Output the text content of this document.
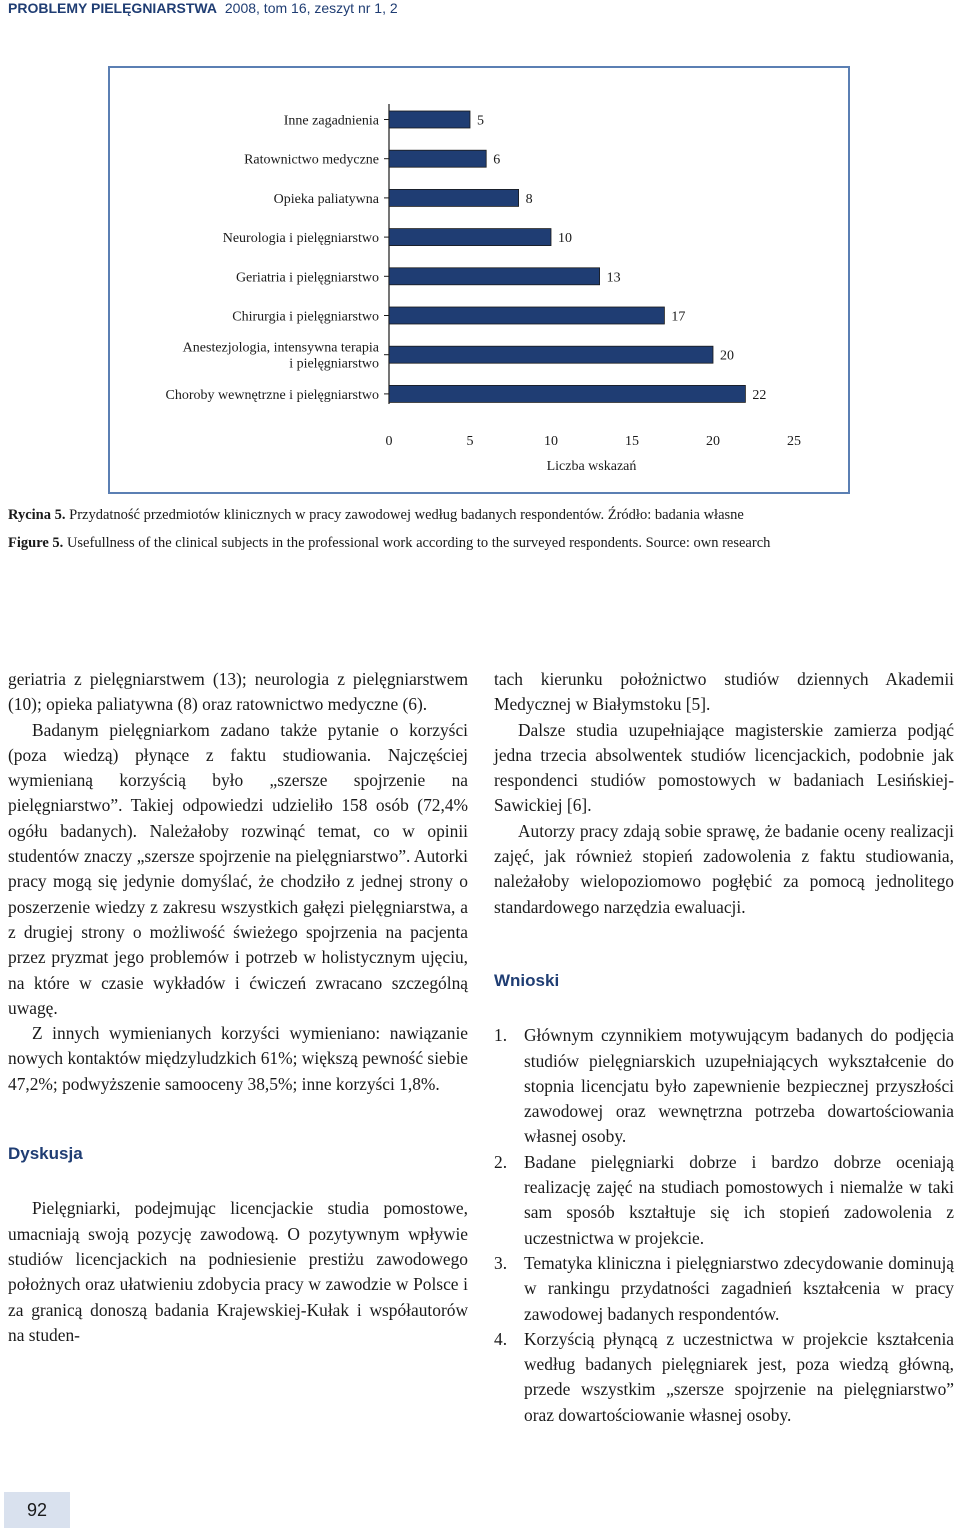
PROBLEMY PIELĘGNIARSTWA 2008, tom 16, zeszyt nr 1, 2
5
Inne zagadnienia
6
Ratownictwo medyczne
8
Opieka paliatywna
10
Neurologia i pielęgniarstwo
13
Geriatria i pielęgniarstwo
17
Chirurgia i pielęgniarstwo
20
Anestezjologia, intensywna terapia
i pielęgniarstwo
22
Choroby wewnętrzne i pielęgniarstwo
0	5	10	15	20	25
Liczba wskazań
Rycina 5. Przydatność przedmiotów klinicznych w pracy zawodowej według badanych respondentów. Źródło: badania własne
Figure 5. Usefullness of the clinical subjects in the professional work according to the surveyed respondents. Source: own research

geriatria z pielęgniarstwem (13); neurologia z pielęgniarstwem (10); opieka paliatywna (8) oraz ratownictwo medyczne (6).

Badanym pielęgniarkom zadano także pytanie o korzyści (poza wiedzą) płynące z faktu studiowania. Najczęściej wymienianą korzyścią było „szersze spojrzenie na pielęgniarstwo”. Takiej odpowiedzi udzieliło 158 osób (72,4% ogółu badanych). Należałoby rozwinąć temat, co w opinii studentów znaczy „szersze spojrzenie na pielęgniarstwo”. Autorki pracy mogą się jedynie domyślać, że chodziło z jednej strony o poszerzenie wiedzy z zakresu wszystkich gałęzi pielęgniarstwa, a z drugiej strony o możliwość świeżego spojrzenia na pacjenta przez pryzmat jego problemów i potrzeb w holistycznym ujęciu, na które w czasie wykładów i ćwiczeń zwracano szczególną uwagę.

Z innych wymienianych korzyści wymieniano: nawiązanie nowych kontaktów międzyludzkich 61%; większą pewność siebie 47,2%; podwyższenie samooceny 38,5%; inne korzyści 1,8%.

Dyskusja

Pielęgniarki, podejmując licencjackie studia pomostowe, umacniają swoją pozycję zawodową. O pozytywnym wpływie studiów licencjackich na podniesienie prestiżu zawodowego położnych oraz ułatwieniu zdobycia pracy w zawodzie w Polsce i za granicą donoszą badania Krajewskiej-Kułak i współautorów na studen-

tach kierunku położnictwo studiów dziennych Akademii Medycznej w Białymstoku [5].

Dalsze studia uzupełniające magisterskie zamierza podjąć jedna trzecia absolwentek studiów licencjackich, podobnie jak respondenci studiów pomostowych w badaniach Lesińskiej-Sawickiej [6].

Autorzy pracy zdają sobie sprawę, że badanie oceny realizacji zajęć, jak również stopień zadowolenia z faktu studiowania, należałoby wielopoziomowo pogłębić za pomocą jednolitego standardowego narzędzia ewaluacji.

Wnioski
1. Głównym czynnikiem motywującym badanych do podjęcia studiów pielęgniarskich uzupełniających wykształcenie do stopnia licencjatu było zapewnienie bezpiecznej przyszłości zawodowej oraz wewnętrzna potrzeba dowartościowania własnej osoby.
2. Badane pielęgniarki dobrze i bardzo dobrze oceniają realizację zajęć na studiach pomostowych i niemalże w taki sam sposób kształtuje się ich stopień zadowolenia z uczestnictwa w projekcie.
3. Tematyka kliniczna i pielęgniarstwo zdecydowanie dominują w rankingu przydatności zagadnień kształcenia w pracy zawodowej badanych respondentów.
4. Korzyścią płynącą z uczestnictwa w projekcie kształcenia według badanych pielęgniarek jest, poza wiedzą główną, przede wszystkim „szersze spojrzenie na pielęgniarstwo” oraz dowartościowanie własnej osoby.
92
